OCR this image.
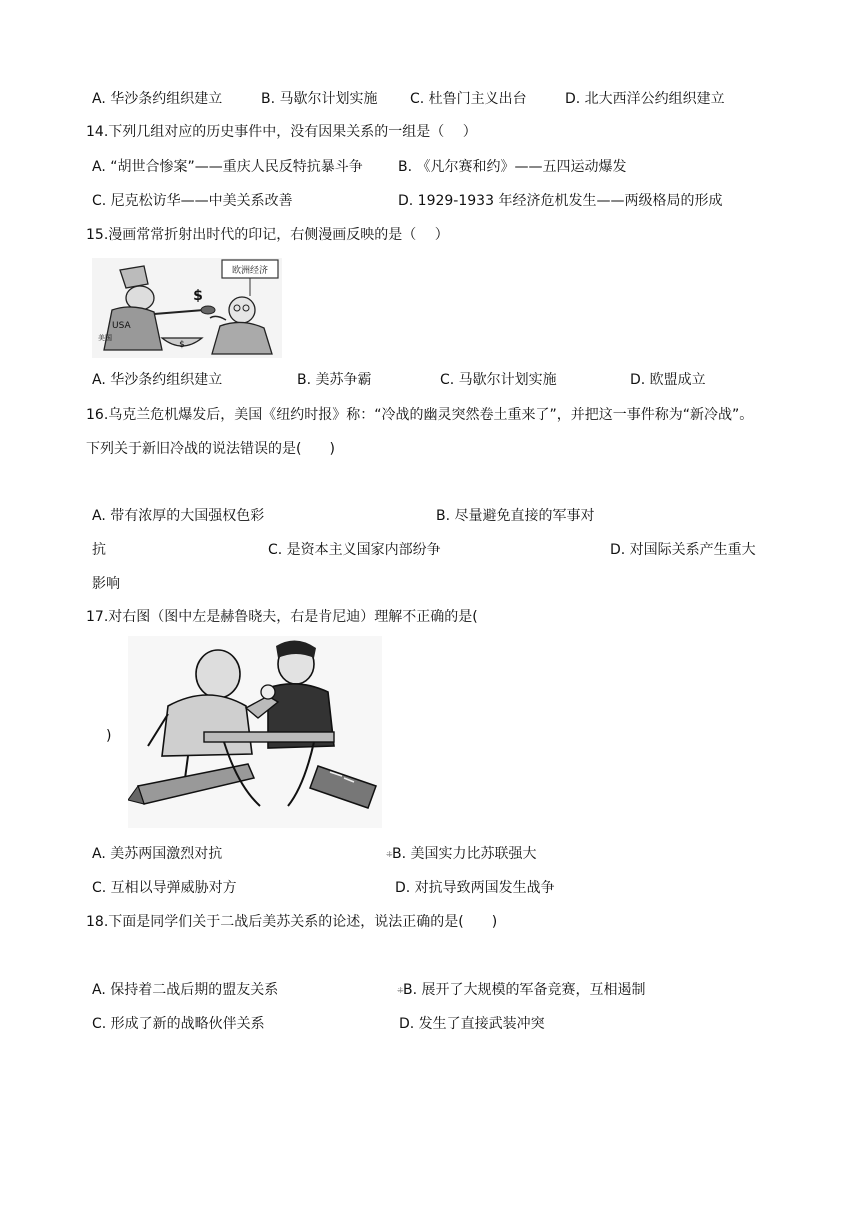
A. 华沙条约组织建立	B. 马歇尔计划实施 C. 杜鲁门主义出台	D. 北大西洋公约组织建立
14.下列几组对应的历史事件中，没有因果关系的一组是（　 ）
A. “胡世合惨案”——重庆人民反特抗暴斗争	B. 《凡尔赛和约》——五四运动爆发
C. 尼克松访华——中美关系改善	D. 1929-1933 年经济危机发生——两级格局的形成
15.漫画常常折射出时代的印记，右侧漫画反映的是（　 ）
欧洲经济
USA
美国
$
$
A. 华沙条约组织建立	B. 美苏争霸	C. 马歇尔计划实施	D. 欧盟成立
16.乌克兰危机爆发后，美国《纽约时报》称：“冷战的幽灵突然卷土重来了”，并把这一事件称为“新冷战”。
下列关于新旧冷战的说法错误的是(　　)
A. 带有浓厚的大国强权色彩	B. 尽量避免直接的军事对
抗	C. 是资本主义国家内部纷争	D. 对国际关系产生重大
影响
17.对右图（图中左是赫鲁晓夫，右是肯尼迪）理解不正确的是(
)
A. 美苏两国激烈对抗	⁜ B. 美国实力比苏联强大
C. 互相以导弹威胁对方	D. 对抗导致两国发生战争
18.下面是同学们关于二战后美苏关系的论述，说法正确的是(　　)
A. 保持着二战后期的盟友关系	⁜ B. 展开了大规模的军备竞赛，互相遏制
C. 形成了新的战略伙伴关系	D. 发生了直接武装冲突
